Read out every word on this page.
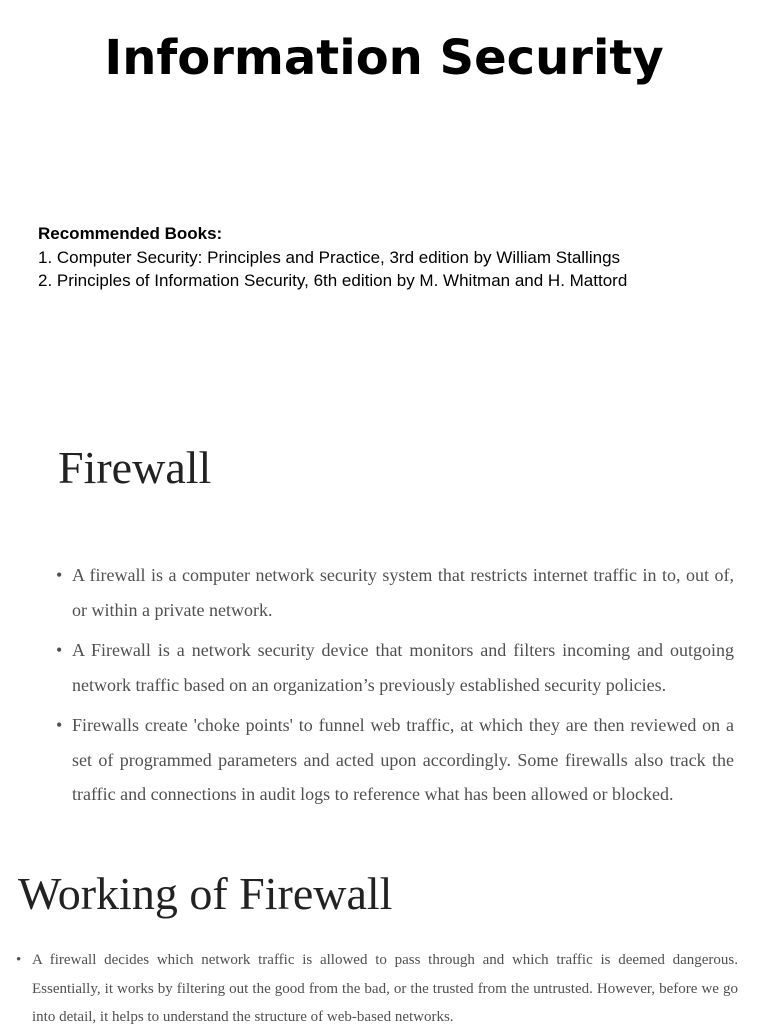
Information Security
Recommended Books:
1. Computer Security: Principles and Practice, 3rd edition by William Stallings
2. Principles of Information Security, 6th edition by M. Whitman and H. Mattord
Firewall
• A firewall is a computer network security system that restricts internet traffic in to, out of, or within a private network.
• A Firewall is a network security device that monitors and filters incoming and outgoing network traffic based on an organization’s previously established security policies.
• Firewalls create 'choke points' to funnel web traffic, at which they are then reviewed on a set of programmed parameters and acted upon accordingly. Some firewalls also track the traffic and connections in audit logs to reference what has been allowed or blocked.
Working of Firewall
• A firewall decides which network traffic is allowed to pass through and which traffic is deemed dangerous. Essentially, it works by filtering out the good from the bad, or the trusted from the untrusted. However, before we go into detail, it helps to understand the structure of web-based networks.
